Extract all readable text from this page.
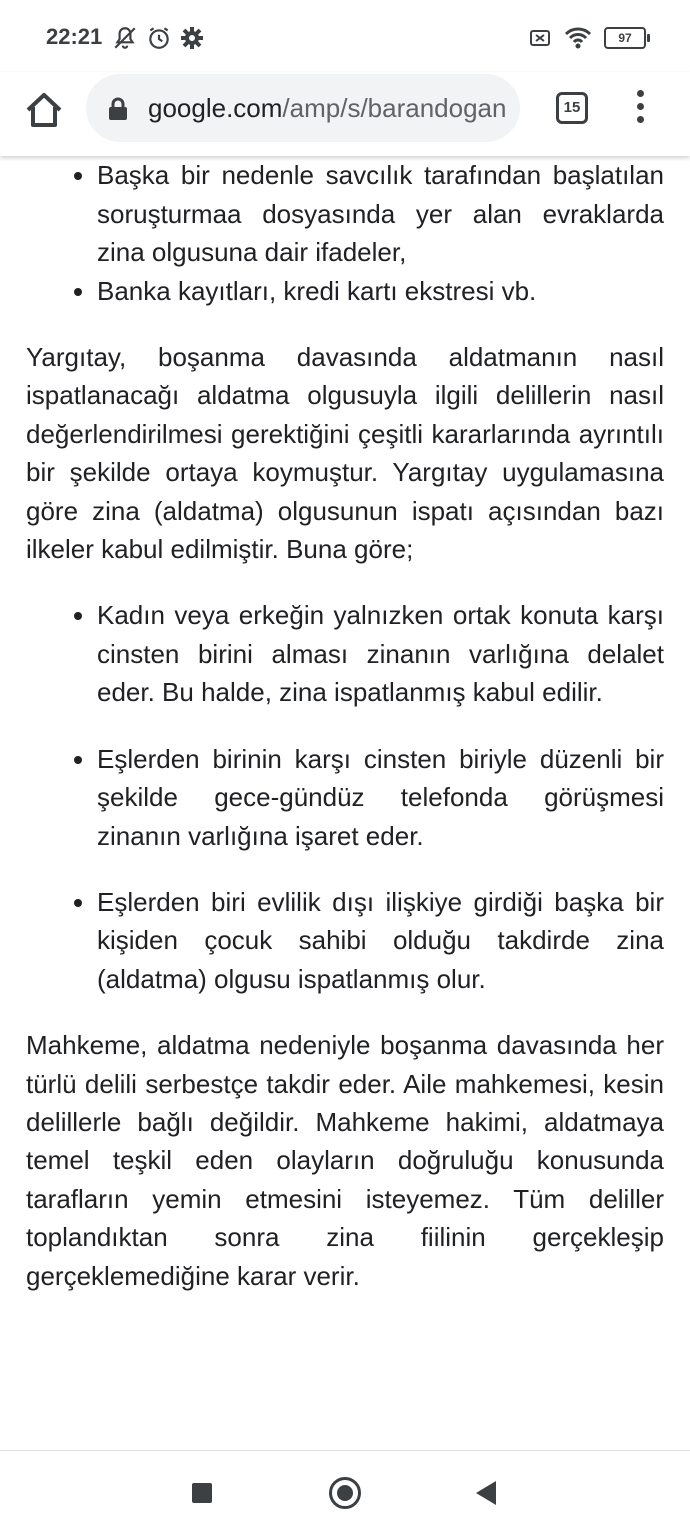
22:21	97
google.com/amp/s/barandogan	15
Başka bir nedenle savcılık tarafından başlatılan soruşturmaa dosyasında yer alan evraklarda zina olgusuna dair ifadeler,
Banka kayıtları, kredi kartı ekstresi vb.

Yargıtay, boşanma davasında aldatmanın nasıl ispatlanacağı aldatma olgusuyla ilgili delillerin nasıl değerlendirilmesi gerektiğini çeşitli kararlarında ayrıntılı bir şekilde ortaya koymuştur. Yargıtay uygulamasına göre zina (aldatma) olgusunun ispatı açısından bazı ilkeler kabul edilmiştir. Buna göre;

Kadın veya erkeğin yalnızken ortak konuta karşı cinsten birini alması zinanın varlığına delalet eder. Bu halde, zina ispatlanmış kabul edilir.
Eşlerden birinin karşı cinsten biriyle düzenli bir şekilde gece-gündüz telefonda görüşmesi zinanın varlığına işaret eder.
Eşlerden biri evlilik dışı ilişkiye girdiği başka bir kişiden çocuk sahibi olduğu takdirde zina (aldatma) olgusu ispatlanmış olur.

Mahkeme, aldatma nedeniyle boşanma davasında her türlü delili serbestçe takdir eder. Aile mahkemesi, kesin delillerle bağlı değildir. Mahkeme hakimi, aldatmaya temel teşkil eden olayların doğruluğu konusunda tarafların yemin etmesini isteyemez. Tüm deliller toplandıktan sonra zina fiilinin gerçekleşip gerçeklemediğine karar verir.
